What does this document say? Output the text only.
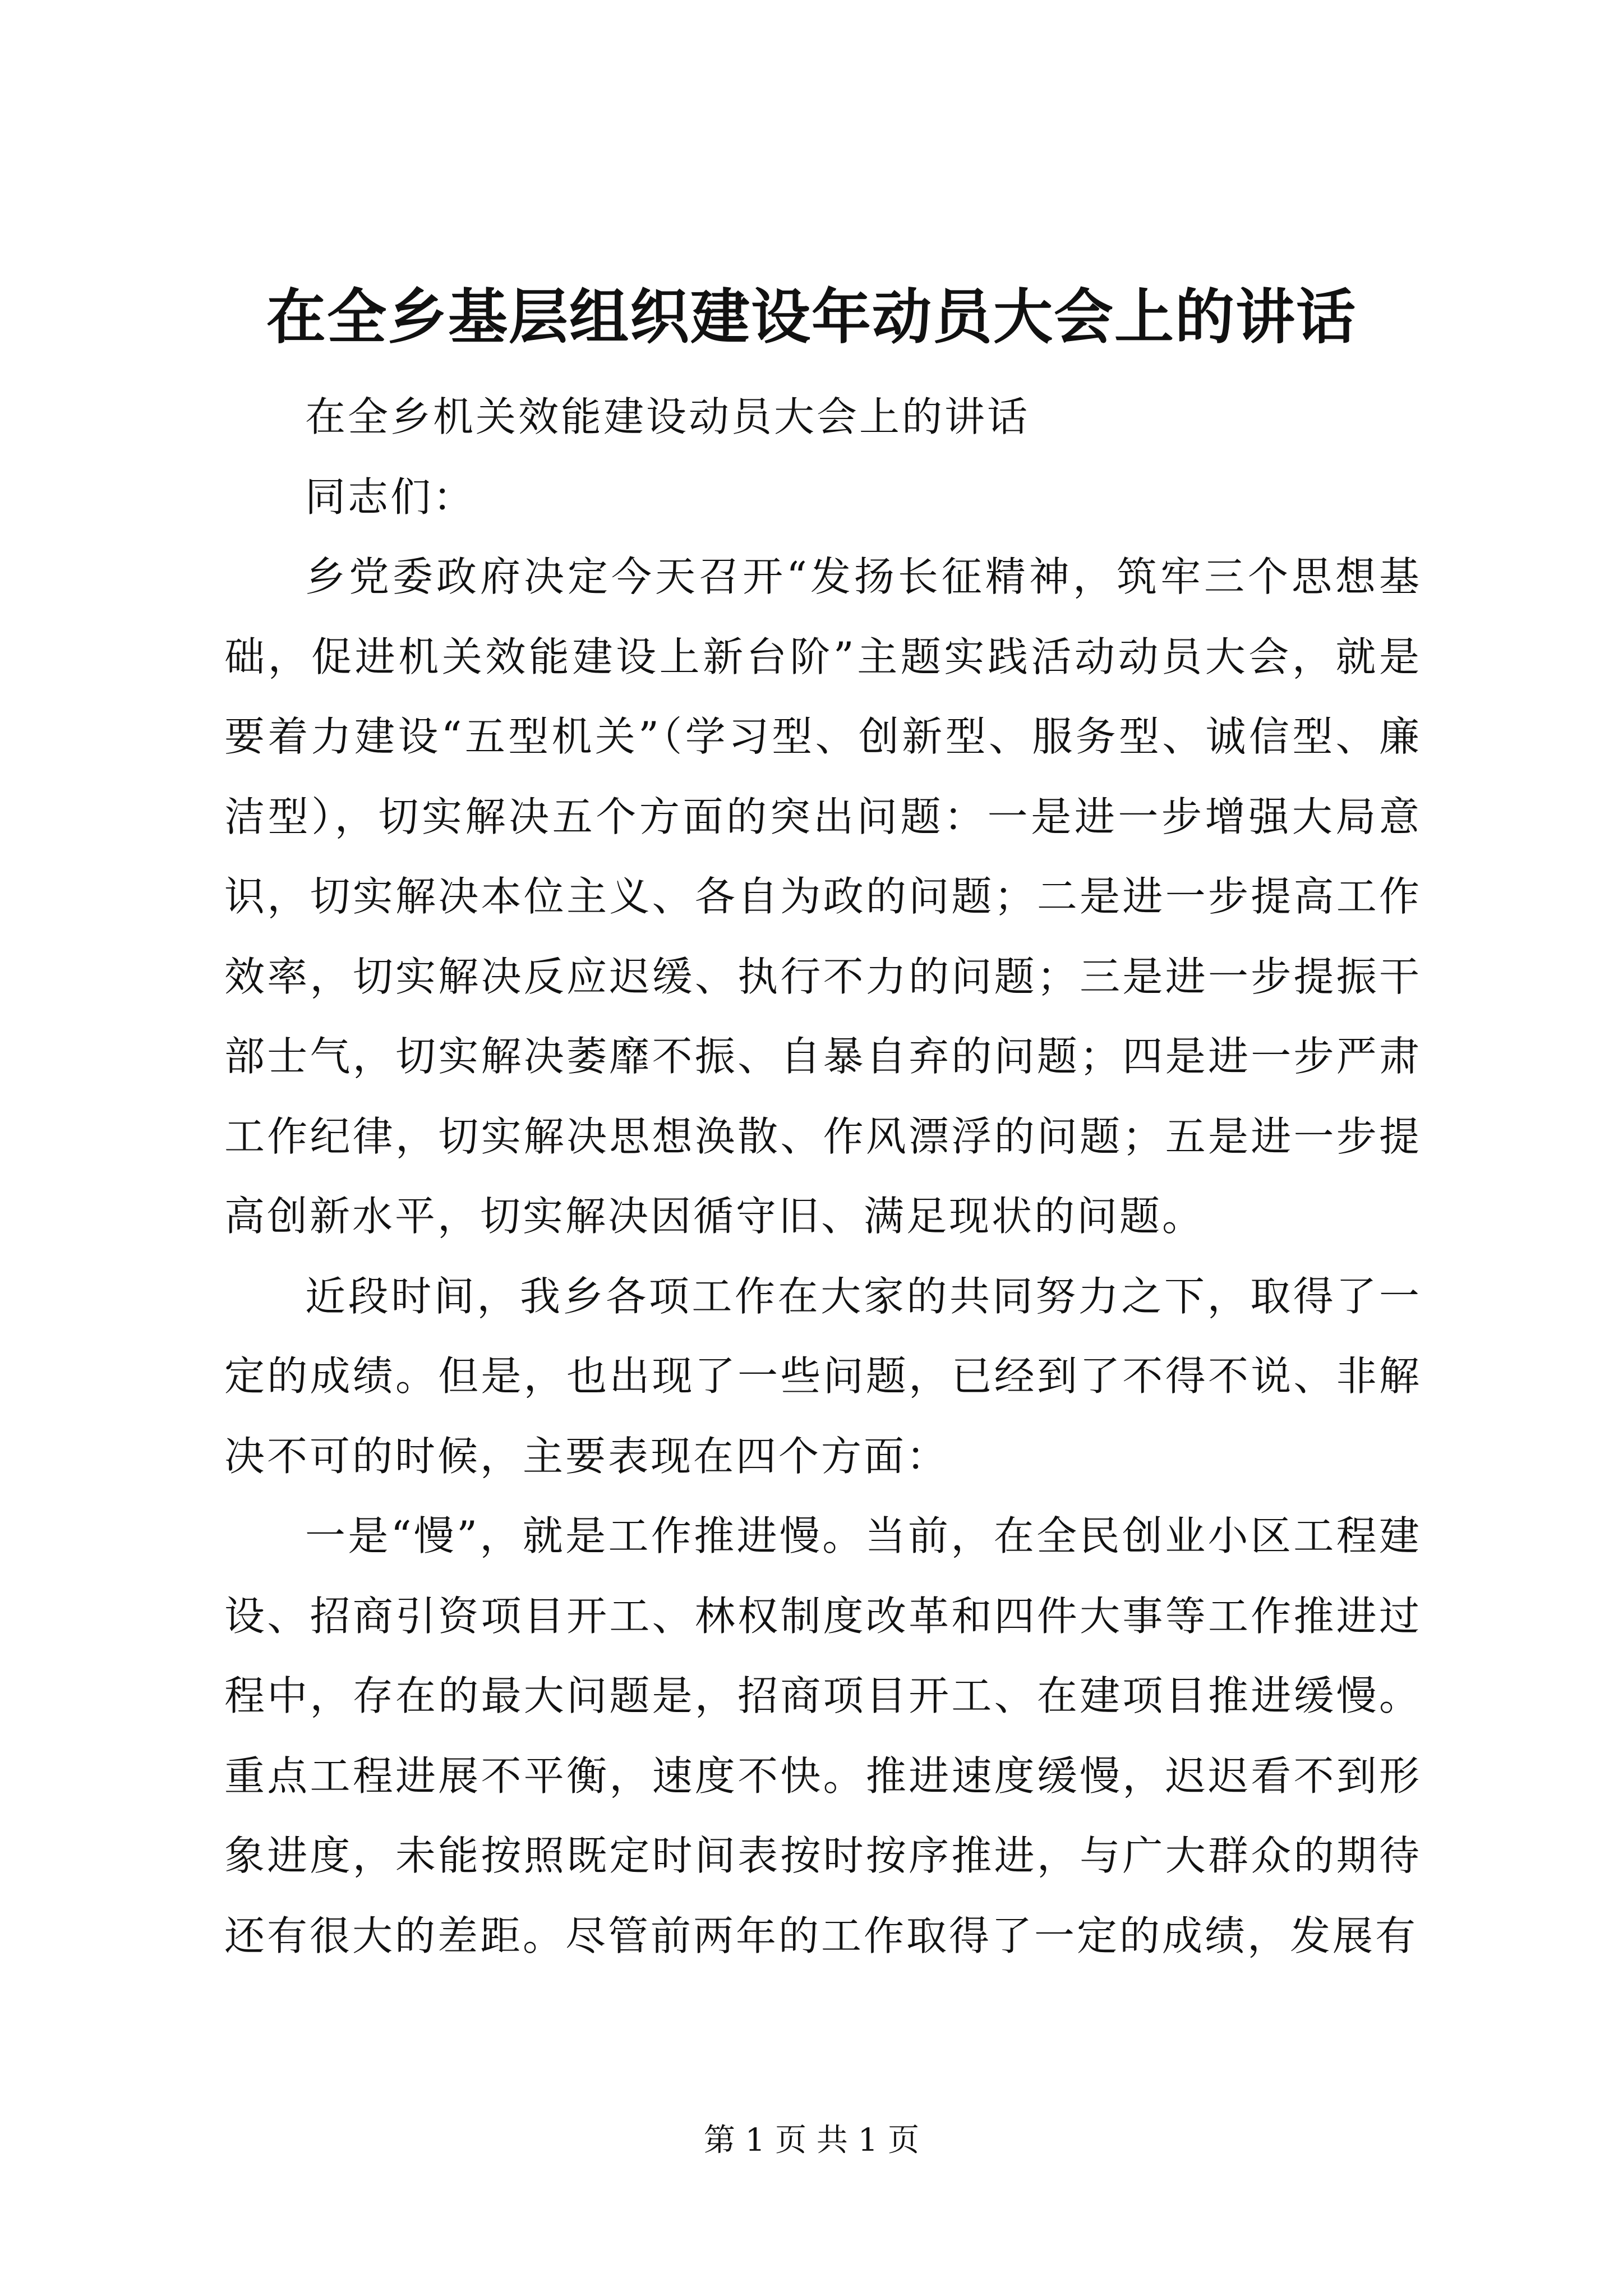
在全乡基层组织建设年动员大会上的讲话

在全乡机关效能建设动员大会上的讲话

同志们：

乡党委政府决定今天召开“发扬长征精神，筑牢三个思想基础，促进机关效能建设上新台阶”主题实践活动动员大会，就是要着力建设“五型机关”（学习型、创新型、服务型、诚信型、廉洁型），切实解决五个方面的突出问题：一是进一步增强大局意识，切实解决本位主义、各自为政的问题；二是进一步提高工作效率，切实解决反应迟缓、执行不力的问题；三是进一步提振干部士气，切实解决萎靡不振、自暴自弃的问题；四是进一步严肃工作纪律，切实解决思想涣散、作风漂浮的问题；五是进一步提高创新水平，切实解决因循守旧、满足现状的问题。

近段时间，我乡各项工作在大家的共同努力之下，取得了一定的成绩。但是，也出现了一些问题，已经到了不得不说、非解决不可的时候，主要表现在四个方面：

一是“慢”，就是工作推进慢。当前，在全民创业小区工程建设、招商引资项目开工、林权制度改革和四件大事等工作推进过程中，存在的最大问题是，招商项目开工、在建项目推进缓慢。重点工程进展不平衡，速度不快。推进速度缓慢，迟迟看不到形象进度，未能按照既定时间表按时按序推进，与广大群众的期待还有很大的差距。尽管前两年的工作取得了一定的成绩，发展有

第 1 页 共 1 页
